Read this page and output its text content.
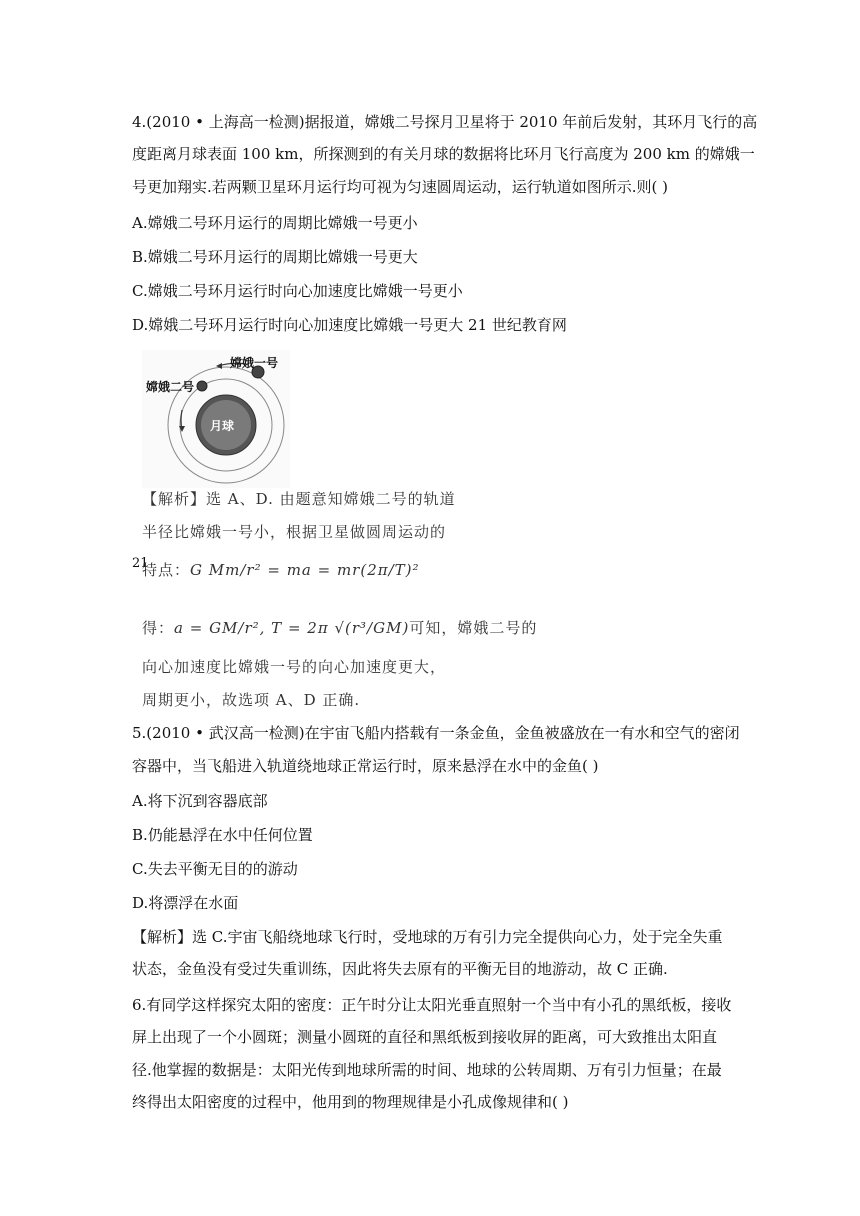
4.(2010 • 上海高一检测)据报道，嫦娥二号探月卫星将于 2010 年前后发射，其环月飞行的高
度距离月球表面 100 km，所探测到的有关月球的数据将比环月飞行高度为 200 km 的嫦娥一
号更加翔实.若两颗卫星环月运行均可视为匀速圆周运动，运行轨道如图所示.则( )
A.嫦娥二号环月运行的周期比嫦娥一号更小
B.嫦娥二号环月运行的周期比嫦娥一号更大
C.嫦娥二号环月运行时向心加速度比嫦娥一号更小
D.嫦娥二号环月运行时向心加速度比嫦娥一号更大 21 世纪教育网
嫦娥一号
嫦娥二号
月球
【解析】选 A、D. 由题意知嫦娥二号的轨道
半径比嫦娥一号小，根据卫星做圆周运动的
21
特点：G Mm/r² = ma = mr(2π/T)²
得：a = GM/r², T = 2π √(r³/GM)可知，嫦娥二号的
向心加速度比嫦娥一号的向心加速度更大，
周期更小，故选项 A、D 正确.
5.(2010 • 武汉高一检测)在宇宙飞船内搭载有一条金鱼，金鱼被盛放在一有水和空气的密闭
容器中，当飞船进入轨道绕地球正常运行时，原来悬浮在水中的金鱼( )
A.将下沉到容器底部
B.仍能悬浮在水中任何位置
C.失去平衡无目的的游动
D.将漂浮在水面
【解析】选 C.宇宙飞船绕地球飞行时，受地球的万有引力完全提供向心力，处于完全失重
状态，金鱼没有受过失重训练，因此将失去原有的平衡无目的地游动，故 C 正确.
6.有同学这样探究太阳的密度：正午时分让太阳光垂直照射一个当中有小孔的黑纸板，接收
屏上出现了一个小圆斑；测量小圆斑的直径和黑纸板到接收屏的距离，可大致推出太阳直
径.他掌握的数据是：太阳光传到地球所需的时间、地球的公转周期、万有引力恒量；在最
终得出太阳密度的过程中，他用到的物理规律是小孔成像规律和( )
